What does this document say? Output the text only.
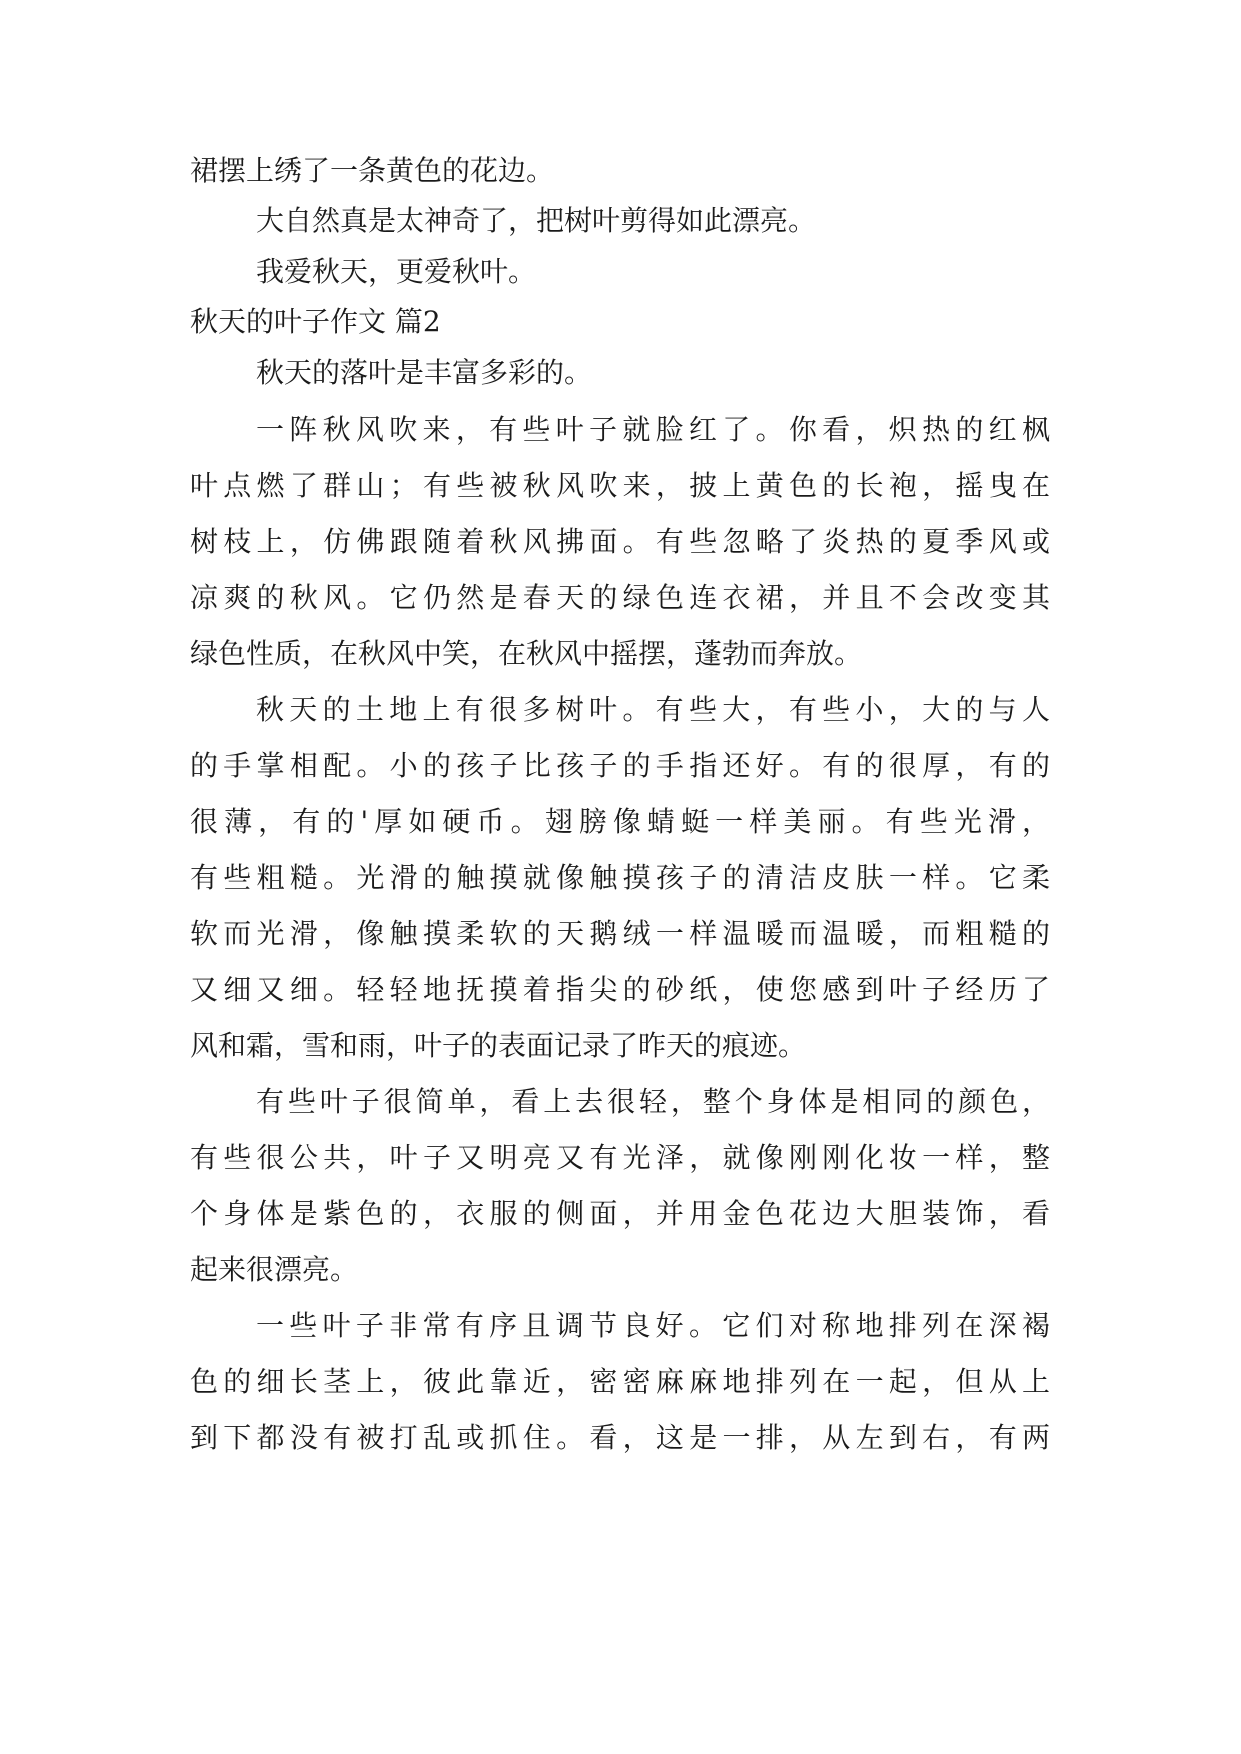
裙摆上绣了一条黄色的花边。
大自然真是太神奇了，把树叶剪得如此漂亮。
我爱秋天，更爱秋叶。
秋天的叶子作文 篇2
秋天的落叶是丰富多彩的。
一阵秋风吹来，有些叶子就脸红了。你看，炽热的红枫
叶点燃了群山；有些被秋风吹来，披上黄色的长袍，摇曳在
树枝上，仿佛跟随着秋风拂面。有些忽略了炎热的夏季风或
凉爽的秋风。它仍然是春天的绿色连衣裙，并且不会改变其
绿色性质，在秋风中笑，在秋风中摇摆，蓬勃而奔放。
秋天的土地上有很多树叶。有些大，有些小，大的与人
的手掌相配。小的孩子比孩子的手指还好。有的很厚，有的
很薄，有的'厚如硬币。翅膀像蜻蜓一样美丽。有些光滑，
有些粗糙。光滑的触摸就像触摸孩子的清洁皮肤一样。它柔
软而光滑，像触摸柔软的天鹅绒一样温暖而温暖，而粗糙的
又细又细。轻轻地抚摸着指尖的砂纸，使您感到叶子经历了
风和霜，雪和雨，叶子的表面记录了昨天的痕迹。
有些叶子很简单，看上去很轻，整个身体是相同的颜色，
有些很公共，叶子又明亮又有光泽，就像刚刚化妆一样，整
个身体是紫色的，衣服的侧面，并用金色花边大胆装饰，看
起来很漂亮。
一些叶子非常有序且调节良好。它们对称地排列在深褐
色的细长茎上，彼此靠近，密密麻麻地排列在一起，但从上
到下都没有被打乱或抓住。看，这是一排，从左到右，有两
